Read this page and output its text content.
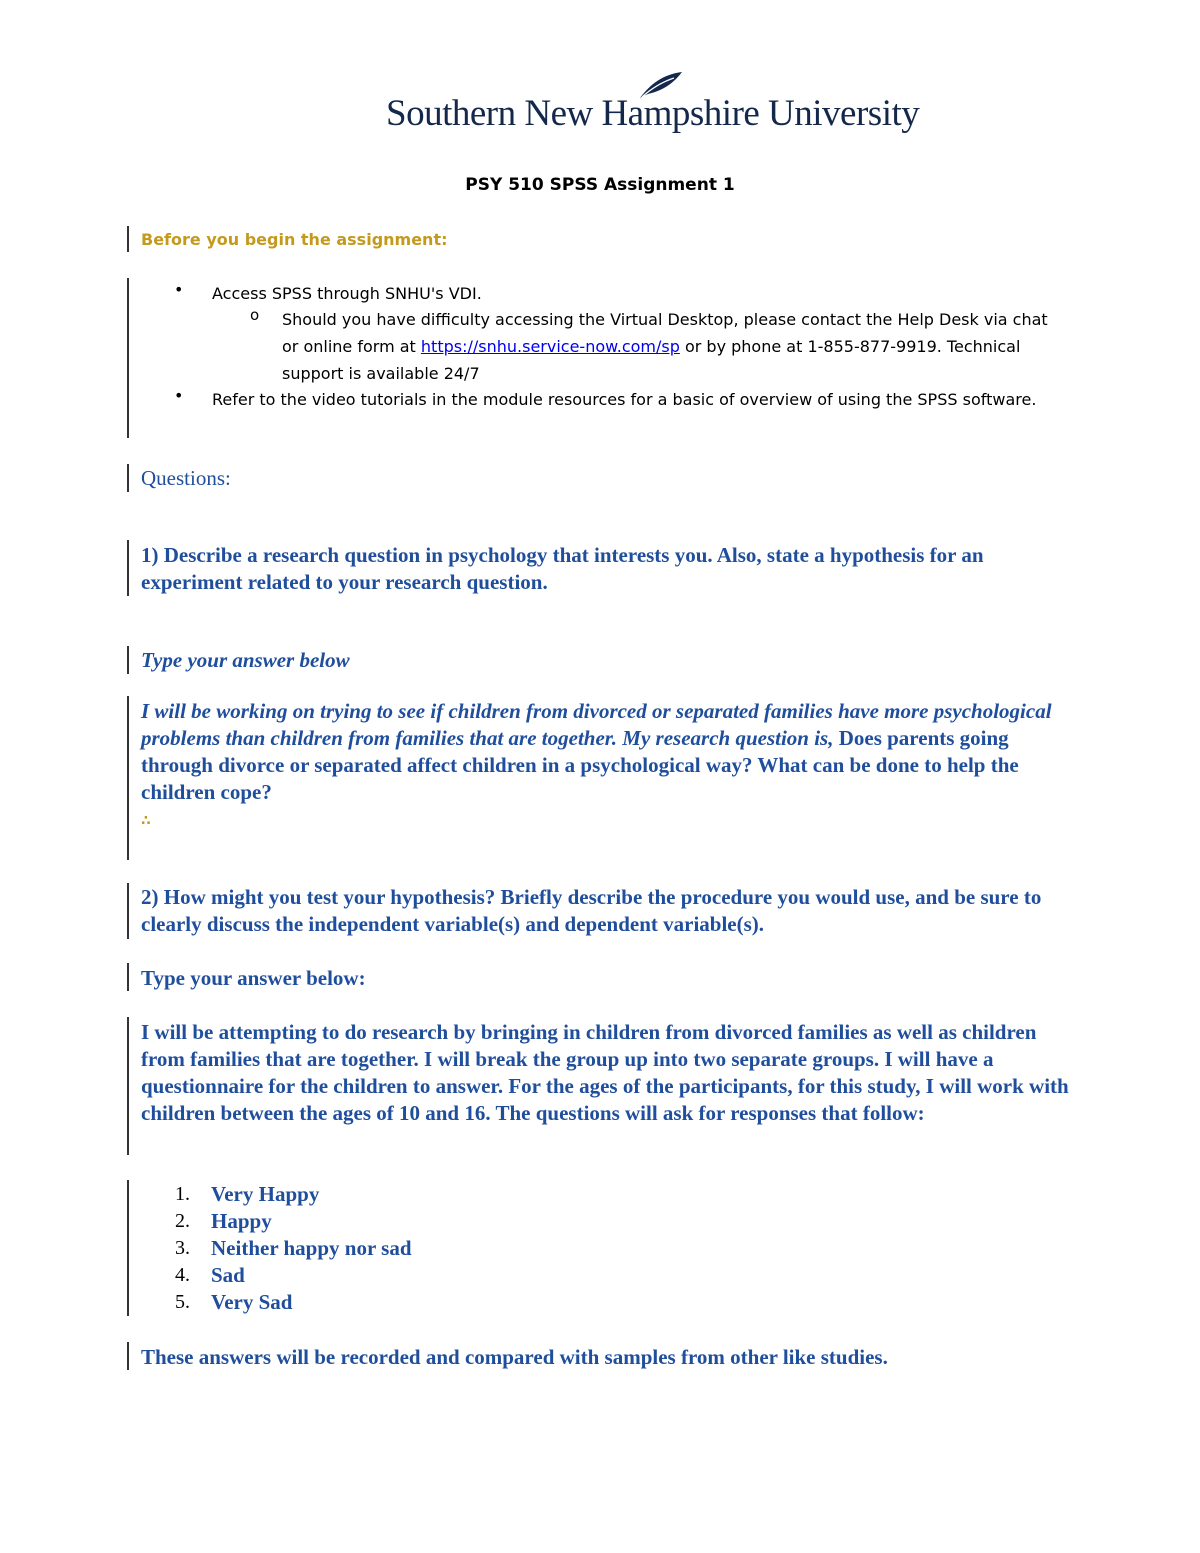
Southern New Hampshire University
PSY 510 SPSS Assignment 1
Before you begin the assignment:
• Access SPSS through SNHU's VDI.
o Should you have difficulty accessing the Virtual Desktop, please contact the Help Desk via chat or online form at https://snhu.service-now.com/sp or by phone at 1-855-877-9919. Technical support is available 24/7
• Refer to the video tutorials in the module resources for a basic of overview of using the SPSS software.
Questions:
1) Describe a research question in psychology that interests you. Also, state a hypothesis for an experiment related to your research question.
Type your answer below
I will be working on trying to see if children from divorced or separated families have more psychological problems than children from families that are together. My research question is, Does parents going through divorce or separated affect children in a psychological way? What can be done to help the children cope?
∴
2) How might you test your hypothesis? Briefly describe the procedure you would use, and be sure to clearly discuss the independent variable(s) and dependent variable(s).
Type your answer below:
I will be attempting to do research by bringing in children from divorced families as well as children from families that are together. I will break the group up into two separate groups. I will have a questionnaire for the children to answer. For the ages of the participants, for this study, I will work with children between the ages of 10 and 16. The questions will ask for responses that follow:
1. Very Happy
2. Happy
3. Neither happy nor sad
4. Sad
5. Very Sad
These answers will be recorded and compared with samples from other like studies.
